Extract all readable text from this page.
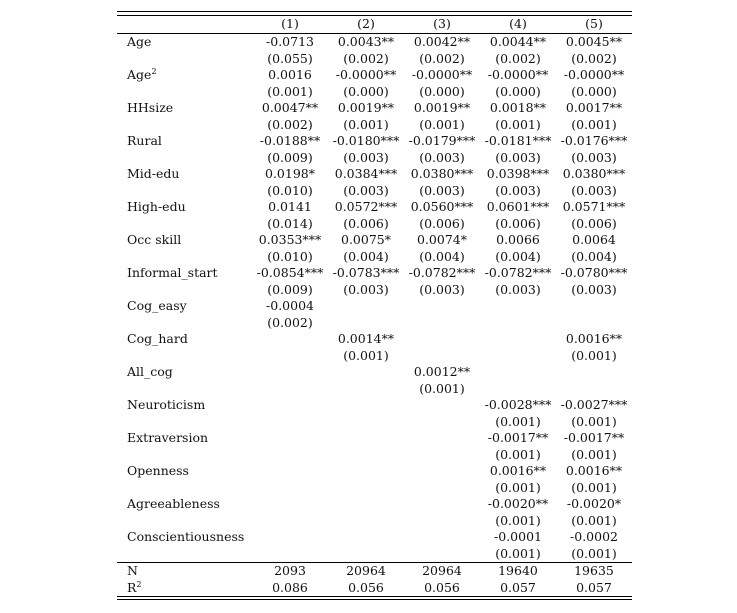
	(1)	(2)	(3)	(4)	(5)
Age	-0.0713	0.0043**	0.0042**	0.0044**	0.0045**
	(0.055)	(0.002)	(0.002)	(0.002)	(0.002)
Age$^2$	0.0016	-0.0000**	-0.0000**	-0.0000**	-0.0000**
	(0.001)	(0.000)	(0.000)	(0.000)	(0.000)
HHsize	0.0047**	0.0019**	0.0019**	0.0018**	0.0017**
	(0.002)	(0.001)	(0.001)	(0.001)	(0.001)
Rural	-0.0188**	-0.0180***	-0.0179***	-0.0181***	-0.0176***
	(0.009)	(0.003)	(0.003)	(0.003)	(0.003)
Mid-edu	0.0198*	0.0384***	0.0380***	0.0398***	0.0380***
	(0.010)	(0.003)	(0.003)	(0.003)	(0.003)
High-edu	0.0141	0.0572***	0.0560***	0.0601***	0.0571***
	(0.014)	(0.006)	(0.006)	(0.006)	(0.006)
Occ skill	0.0353***	0.0075*	0.0074*	0.0066	0.0064
	(0.010)	(0.004)	(0.004)	(0.004)	(0.004)
Informal_start	-0.0854***	-0.0783***	-0.0782***	-0.0782***	-0.0780***
	(0.009)	(0.003)	(0.003)	(0.003)	(0.003)
Cog_easy	-0.0004				
	(0.002)				
Cog_hard		0.0014**			0.0016**
		(0.001)			(0.001)
All_cog			0.0012**		
			(0.001)		
Neuroticism				-0.0028***	-0.0027***
				(0.001)	(0.001)
Extraversion				-0.0017**	-0.0017**
				(0.001)	(0.001)
Openness				0.0016**	0.0016**
				(0.001)	(0.001)
Agreeableness				-0.0020**	-0.0020*
				(0.001)	(0.001)
Conscientiousness				-0.0001	-0.0002
				(0.001)	(0.001)
N	2093	20964	20964	19640	19635
$R^2$	0.086	0.056	0.056	0.057	0.057
